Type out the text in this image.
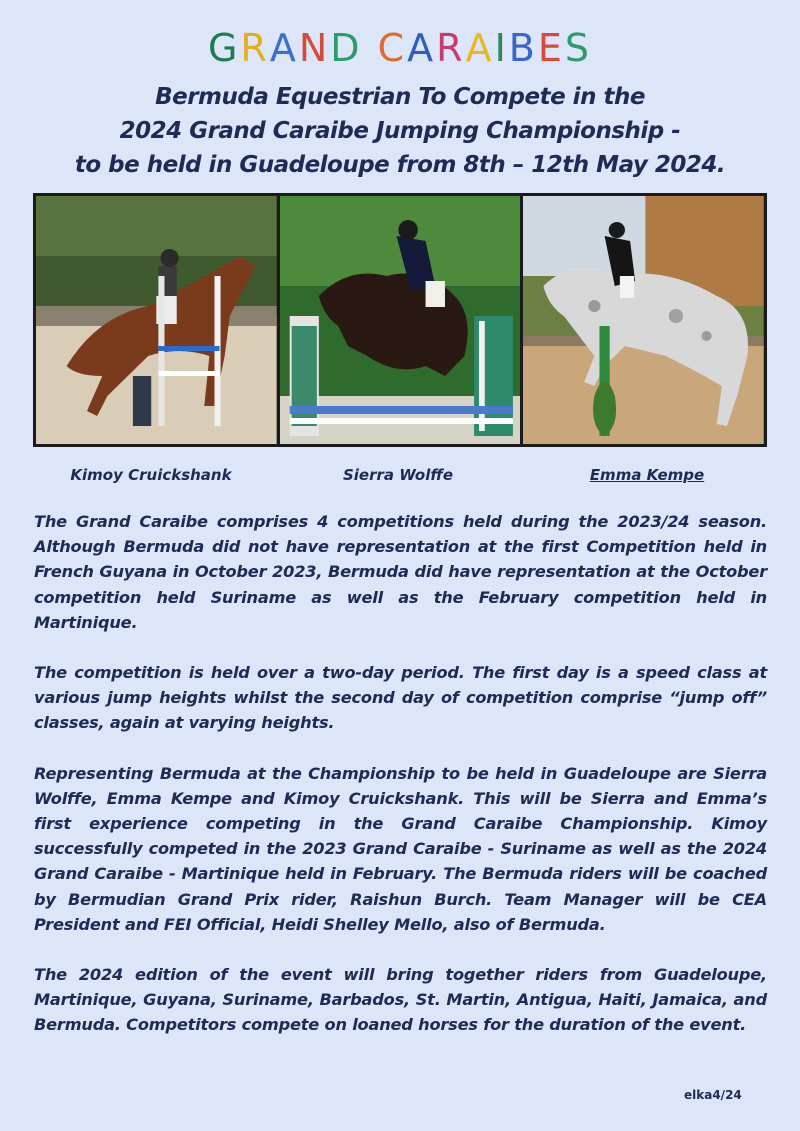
GRAND CARAIBES
Bermuda Equestrian To Compete in the
2024 Grand Caraibe Jumping Championship -
to be held in Guadeloupe from 8th – 12th May 2024.
Kimoy Cruickshank	Sierra Wolffe	Emma Kempe

The Grand Caraibe comprises 4 competitions held during the 2023/24 season. Although Bermuda did not have representation at the first Competition held in French Guyana in October 2023, Bermuda did have representation at the October competition held Suriname as well as the February competition held in Martinique.

The competition is held over a two-day period. The first day is a speed class at various jump heights whilst the second day of competition comprise “jump off” classes, again at varying heights.

Representing Bermuda at the Championship to be held in Guadeloupe are Sierra Wolffe, Emma Kempe and Kimoy Cruickshank. This will be Sierra and Emma’s first experience competing in the Grand Caraibe Championship. Kimoy successfully competed in the 2023 Grand Caraibe - Suriname as well as the 2024 Grand Caraibe - Martinique held in February. The Bermuda riders will be coached by Bermudian Grand Prix rider, Raishun Burch. Team Manager will be CEA President and FEI Official, Heidi Shelley Mello, also of Bermuda.

The 2024 edition of the event will bring together riders from Guadeloupe, Martinique, Guyana, Suriname, Barbados, St. Martin, Antigua, Haiti, Jamaica, and Bermuda. Competitors compete on loaned horses for the duration of the event.

elka4/24
